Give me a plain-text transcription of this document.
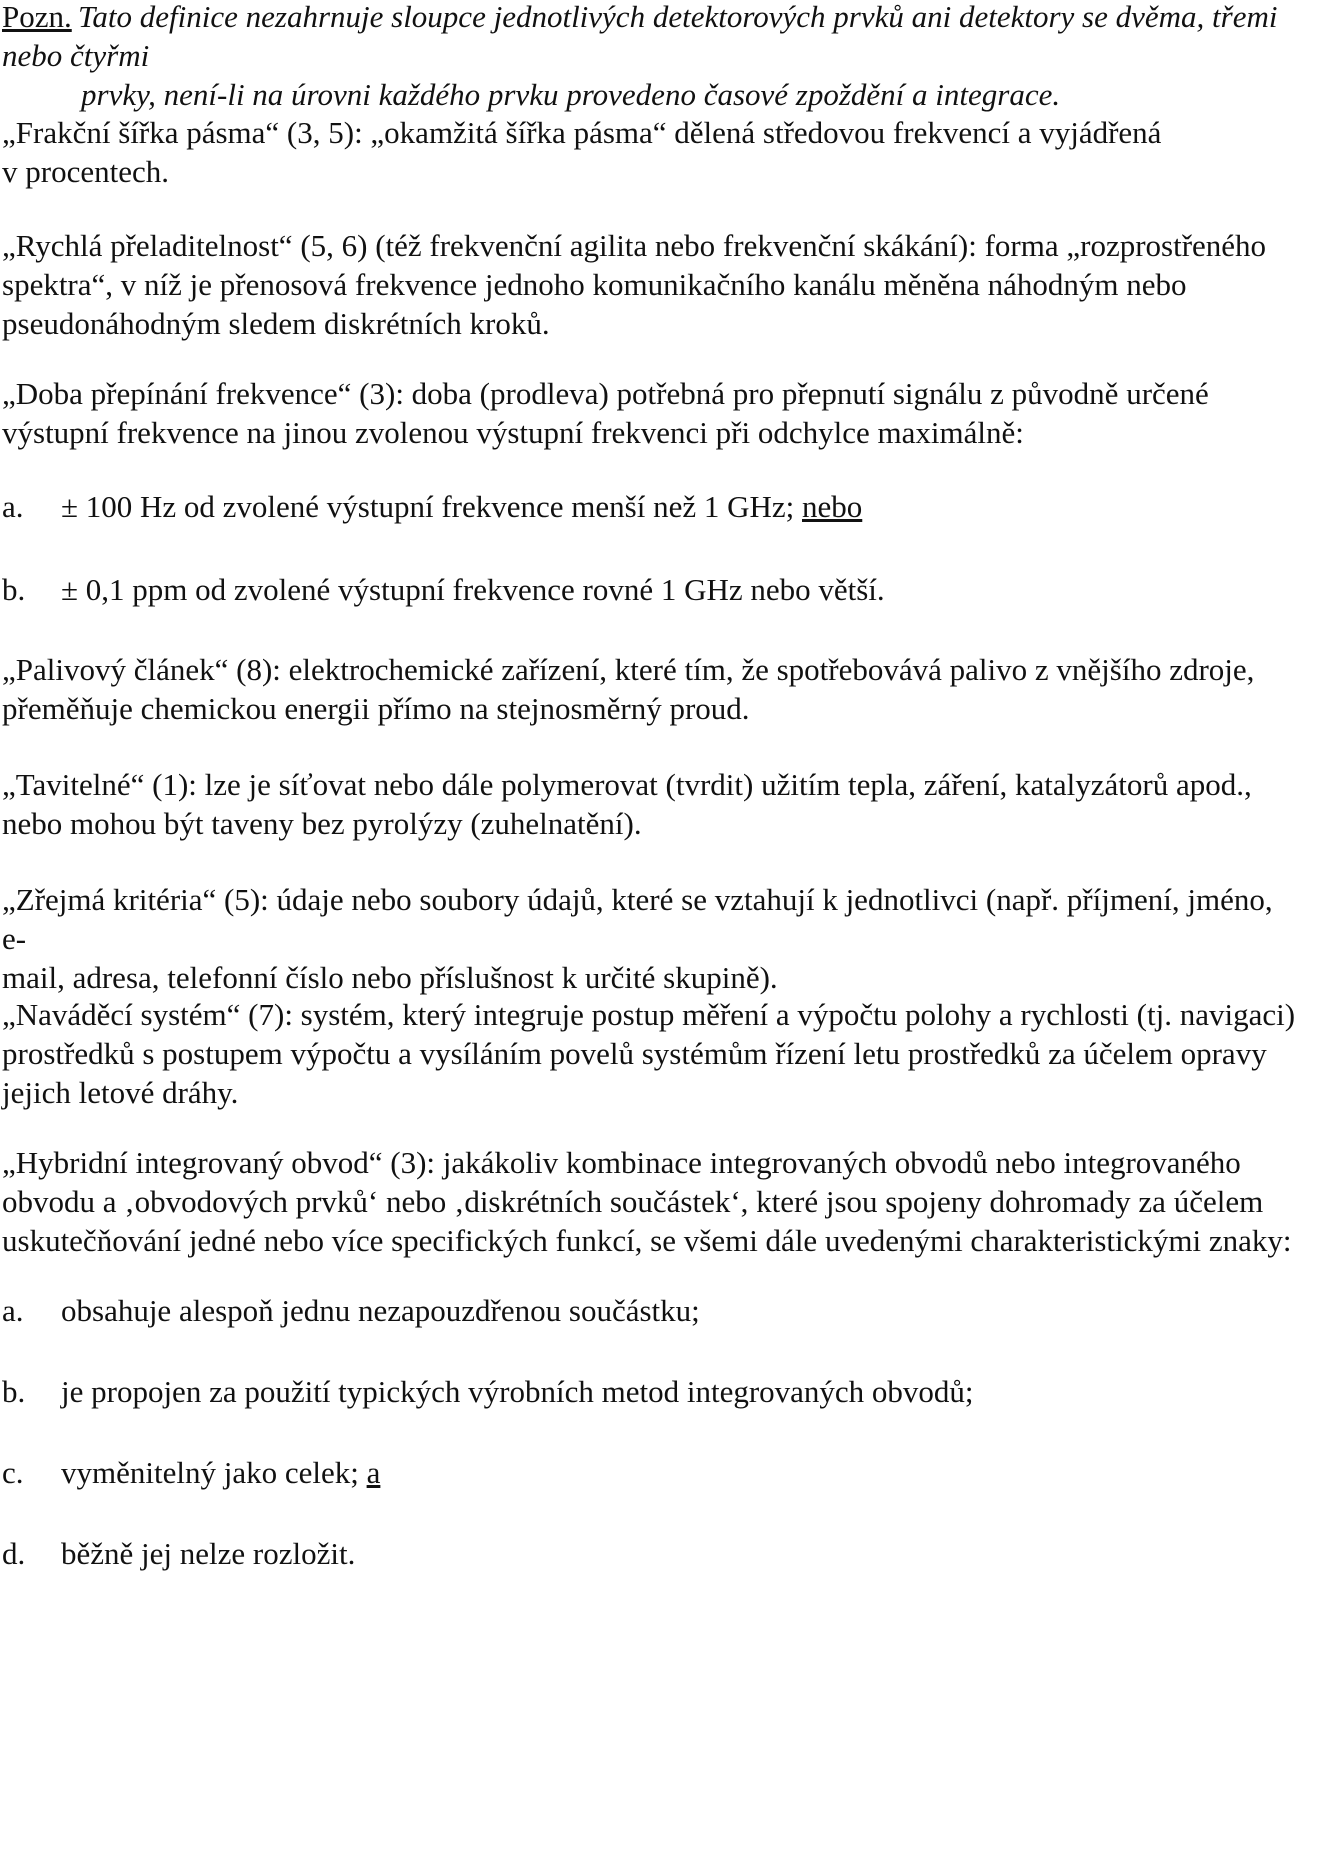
Pozn. Tato definice nezahrnuje sloupce jednotlivých detektorových prvků ani detektory se dvěma, třemi nebo čtyřmi
prvky, není-li na úrovni každého prvku provedeno časové zpoždění a integrace.
„Frakční šířka pásma“ (3, 5): „okamžitá šířka pásma“ dělená středovou frekvencí a vyjádřená
v procentech.
„Rychlá přeladitelnost“ (5, 6) (též frekvenční agilita nebo frekvenční skákání): forma „rozprostřeného
spektra“, v níž je přenosová frekvence jednoho komunikačního kanálu měněna náhodným nebo
pseudonáhodným sledem diskrétních kroků.
„Doba přepínání frekvence“ (3): doba (prodleva) potřebná pro přepnutí signálu z původně určené
výstupní frekvence na jinou zvolenou výstupní frekvenci při odchylce maximálně:
a. ± 100 Hz od zvolené výstupní frekvence menší než 1 GHz; nebo
b. ± 0,1 ppm od zvolené výstupní frekvence rovné 1 GHz nebo větší.
„Palivový článek“ (8): elektrochemické zařízení, které tím, že spotřebovává palivo z vnějšího zdroje,
přeměňuje chemickou energii přímo na stejnosměrný proud.
„Tavitelné“ (1): lze je síťovat nebo dále polymerovat (tvrdit) užitím tepla, záření, katalyzátorů apod.,
nebo mohou být taveny bez pyrolýzy (zuhelnatění).
„Zřejmá kritéria“ (5): údaje nebo soubory údajů, které se vztahují k jednotlivci (např. příjmení, jméno, e-
mail, adresa, telefonní číslo nebo příslušnost k určité skupině).
„Naváděcí systém“ (7): systém, který integruje postup měření a výpočtu polohy a rychlosti (tj. navigaci)
prostředků s postupem výpočtu a vysíláním povelů systémům řízení letu prostředků za účelem opravy
jejich letové dráhy.
„Hybridní integrovaný obvod“ (3): jakákoliv kombinace integrovaných obvodů nebo integrovaného
obvodu a ‚obvodových prvků‘ nebo ‚diskrétních součástek‘, které jsou spojeny dohromady za účelem
uskutečňování jedné nebo více specifických funkcí, se všemi dále uvedenými charakteristickými znaky:
a. obsahuje alespoň jednu nezapouzdřenou součástku;
b. je propojen za použití typických výrobních metod integrovaných obvodů;
c. vyměnitelný jako celek; a
d. běžně jej nelze rozložit.
